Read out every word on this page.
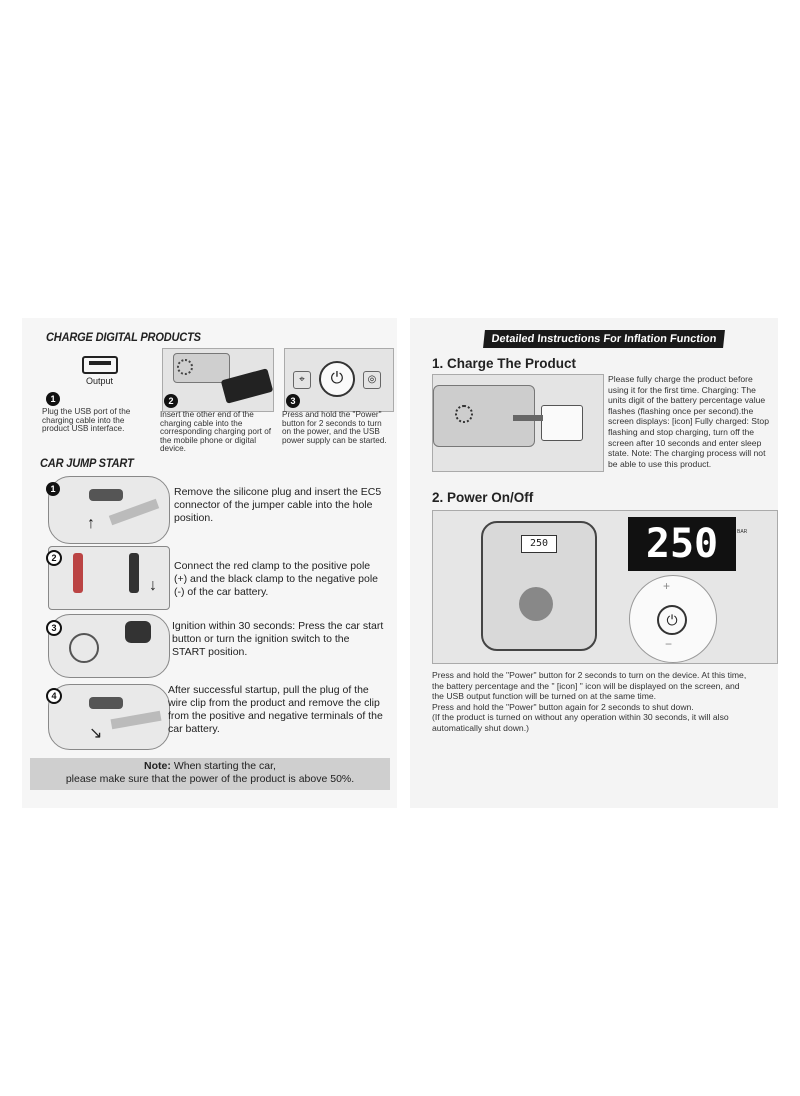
CHARGE DIGITAL PRODUCTS
Output
1
Plug the USB port of the charging cable into the product USB interface.
2
Insert the other end of the charging cable into the corresponding charging port of the mobile phone or digital device.
⌖	⏻	◎
3
Press and hold the "Power" button for 2 seconds to turn on the power, and the USB power supply can be started.
CAR JUMP START
↑
1	Remove the silicone plug and insert the EC5 connector of the jumper cable into the hole position.
↓
2
Connect the red clamp to the positive pole (+) and the black clamp to the negative pole (-) of the car battery.
3	Ignition within 30 seconds: Press the car start button or turn the ignition switch to the START position.
↘
4	After successful startup, pull the plug of the wire clip from the product and remove the clip from the positive and negative terminals of the car battery.
Note: When starting the car,
please make sure that the power of the product is above 50%.
Detailed Instructions For Inflation Function
1. Charge The Product
Please fully charge the product before using it for the first time. Charging: The units digit of the battery percentage value flashes (flashing once per second).the screen displays: [icon] Fully charged: Stop flashing and stop charging, turn off the screen after 10 seconds and enter sleep state. Note: The charging process will not be able to use this product.
2. Power On/Off
250	250	BAR
⏻
+
−
Press and hold the "Power" button for 2 seconds to turn on the device. At this time,
the battery percentage and the " [icon] " icon will be displayed on the screen, and
the USB output function will be turned on at the same time.
Press and hold the "Power" button again for 2 seconds to shut down.
(If the product is turned on without any operation within 30 seconds, it will also
automatically shut down.)
